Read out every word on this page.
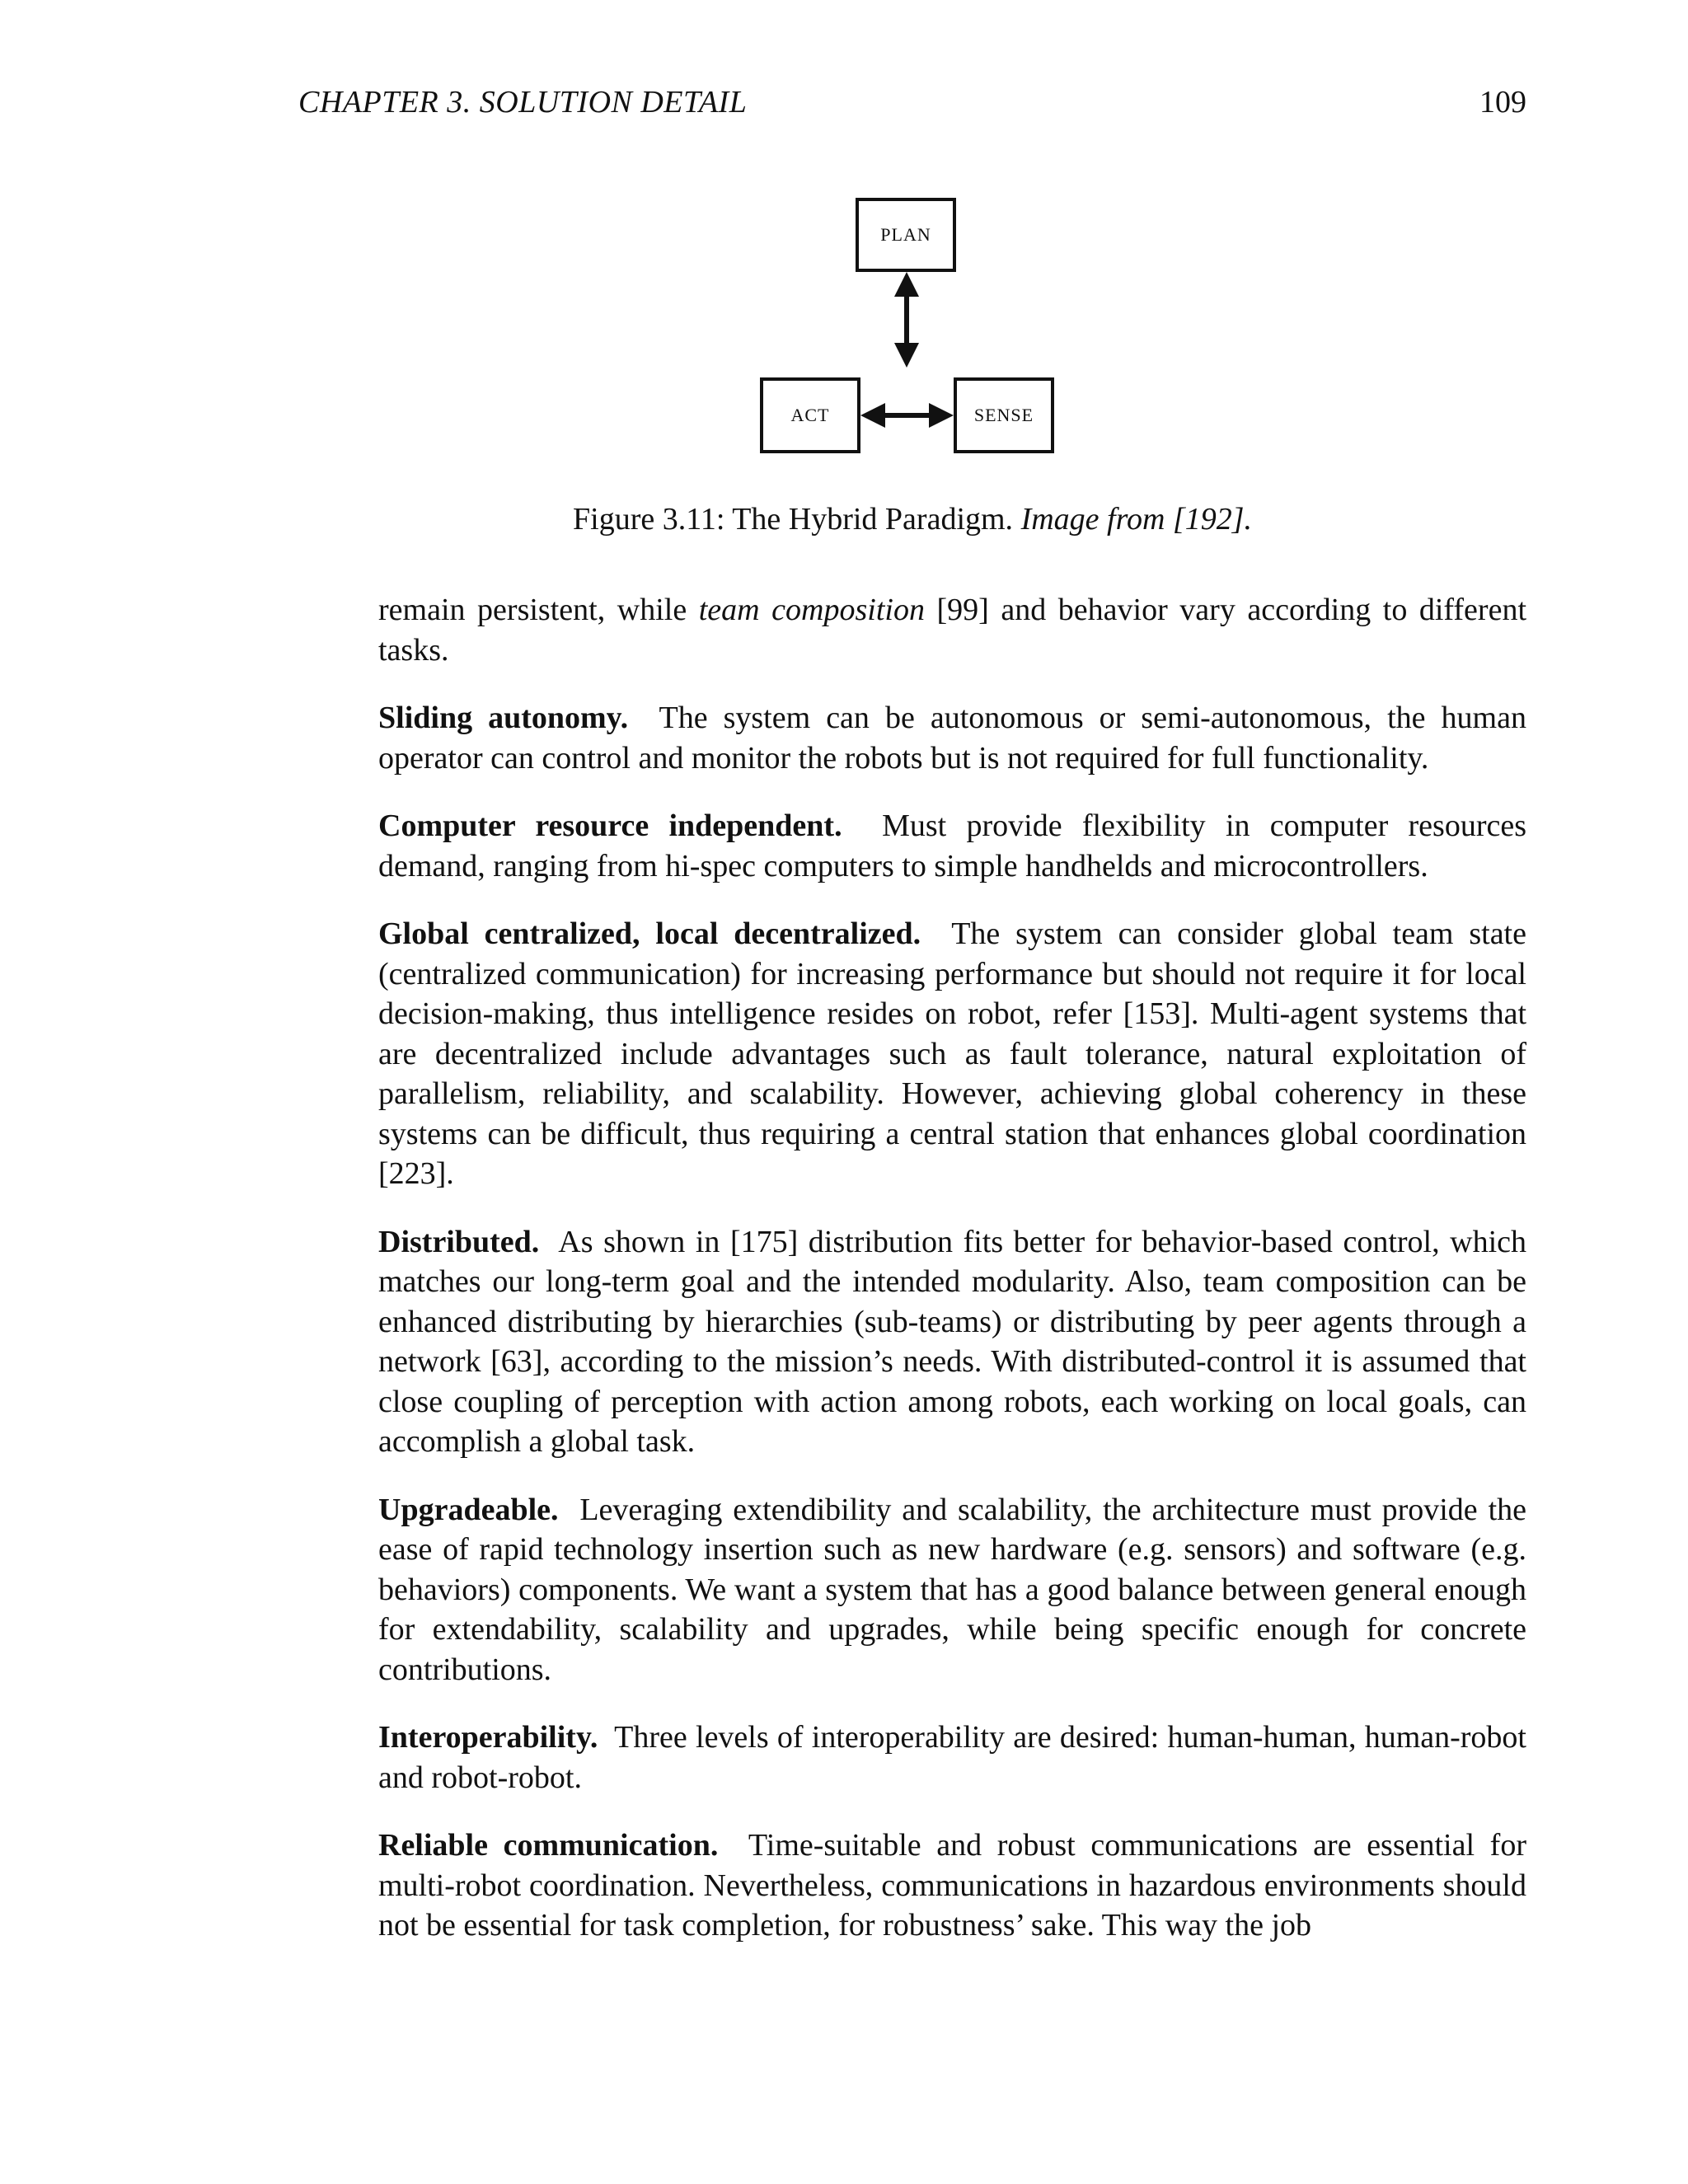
CHAPTER 3. SOLUTION DETAIL	109
PLAN
ACT	SENSE
Figure 3.11: The Hybrid Paradigm. Image from [192].

remain persistent, while team composition [99] and behavior vary according to different tasks.

Sliding autonomy. The system can be autonomous or semi-autonomous, the human operator can control and monitor the robots but is not required for full functionality.

Computer resource independent. Must provide flexibility in computer resources demand, ranging from hi-spec computers to simple handhelds and microcontrollers.

Global centralized, local decentralized. The system can consider global team state (centralized communication) for increasing performance but should not require it for local decision-making, thus intelligence resides on robot, refer [153]. Multi-agent systems that are decentralized include advantages such as fault tolerance, natural exploitation of parallelism, reliability, and scalability. However, achieving global coherency in these systems can be difficult, thus requiring a central station that enhances global coordination [223].

Distributed. As shown in [175] distribution fits better for behavior-based control, which matches our long-term goal and the intended modularity. Also, team composition can be enhanced distributing by hierarchies (sub-teams) or distributing by peer agents through a network [63], according to the mission’s needs. With distributed-control it is assumed that close coupling of perception with action among robots, each working on local goals, can accomplish a global task.

Upgradeable. Leveraging extendibility and scalability, the architecture must provide the ease of rapid technology insertion such as new hardware (e.g. sensors) and software (e.g. behaviors) components. We want a system that has a good balance between general enough for extendability, scalability and upgrades, while being specific enough for concrete contributions.

Interoperability. Three levels of interoperability are desired: human-human, human-robot and robot-robot.

Reliable communication. Time-suitable and robust communications are essential for multi-robot coordination. Nevertheless, communications in hazardous environments should not be essential for task completion, for robustness’ sake. This way the job
